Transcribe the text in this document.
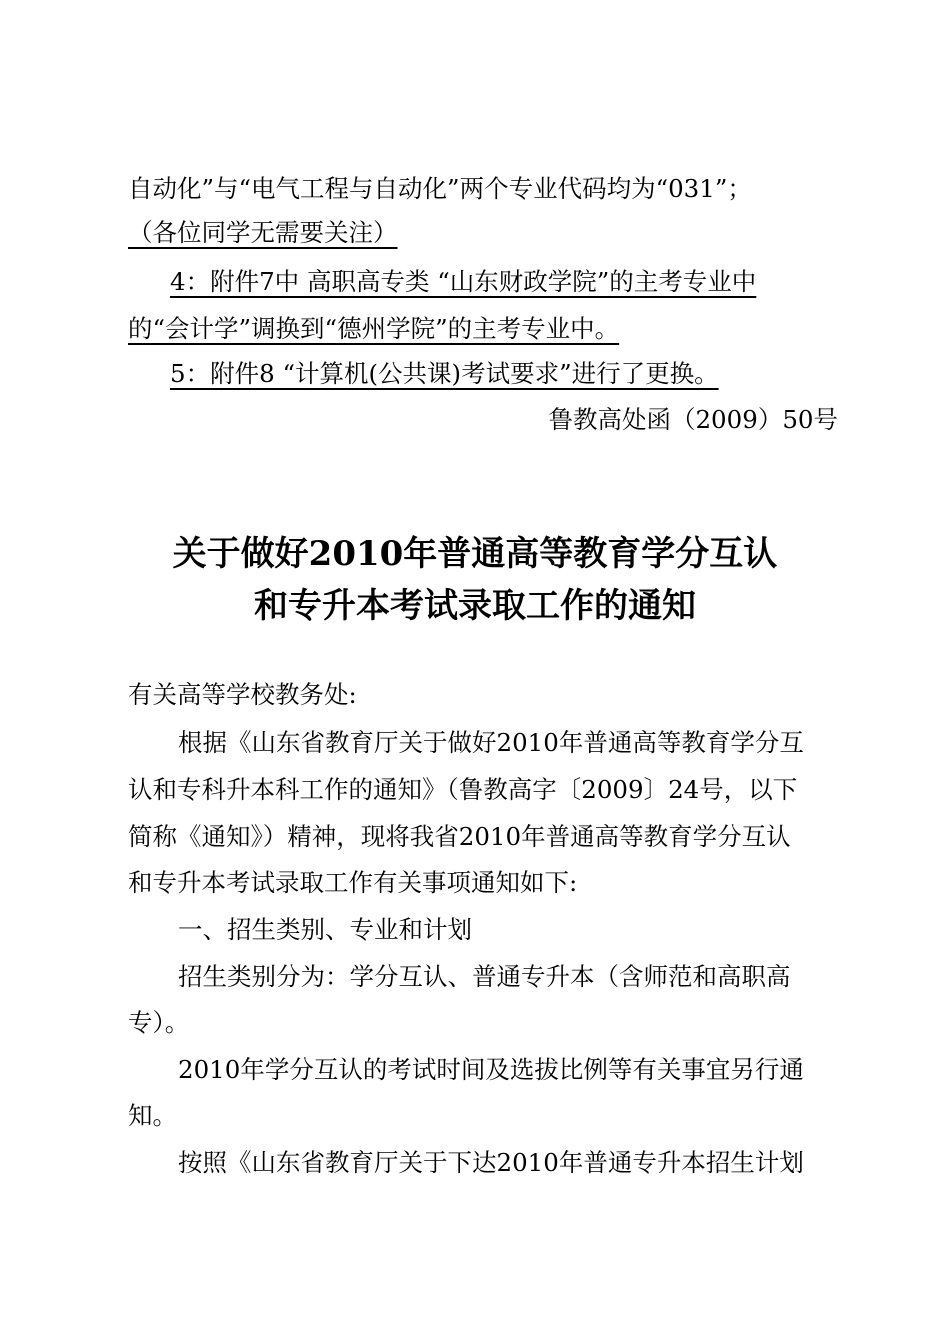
自动化”与“电气工程与自动化”两个专业代码均为“031”；
（各位同学无需要关注）
4：附件7中 高职高专类 “山东财政学院”的主考专业中
的“会计学”调换到“德州学院”的主考专业中。
5：附件8 “计算机(公共课)考试要求”进行了更换。
鲁教高处函（2009）50号
关于做好2010年普通高等教育学分互认
和专升本考试录取工作的通知
有关高等学校教务处:
根据《山东省教育厅关于做好2010年普通高等教育学分互
认和专科升本科工作的通知》（鲁教高字〔2009〕24号，以下
简称《通知》）精神，现将我省2010年普通高等教育学分互认
和专升本考试录取工作有关事项通知如下:
一、招生类别、专业和计划
招生类别分为：学分互认、普通专升本（含师范和高职高
专）。
2010年学分互认的考试时间及选拔比例等有关事宜另行通
知。
按照《山东省教育厅关于下达2010年普通专升本招生计划
